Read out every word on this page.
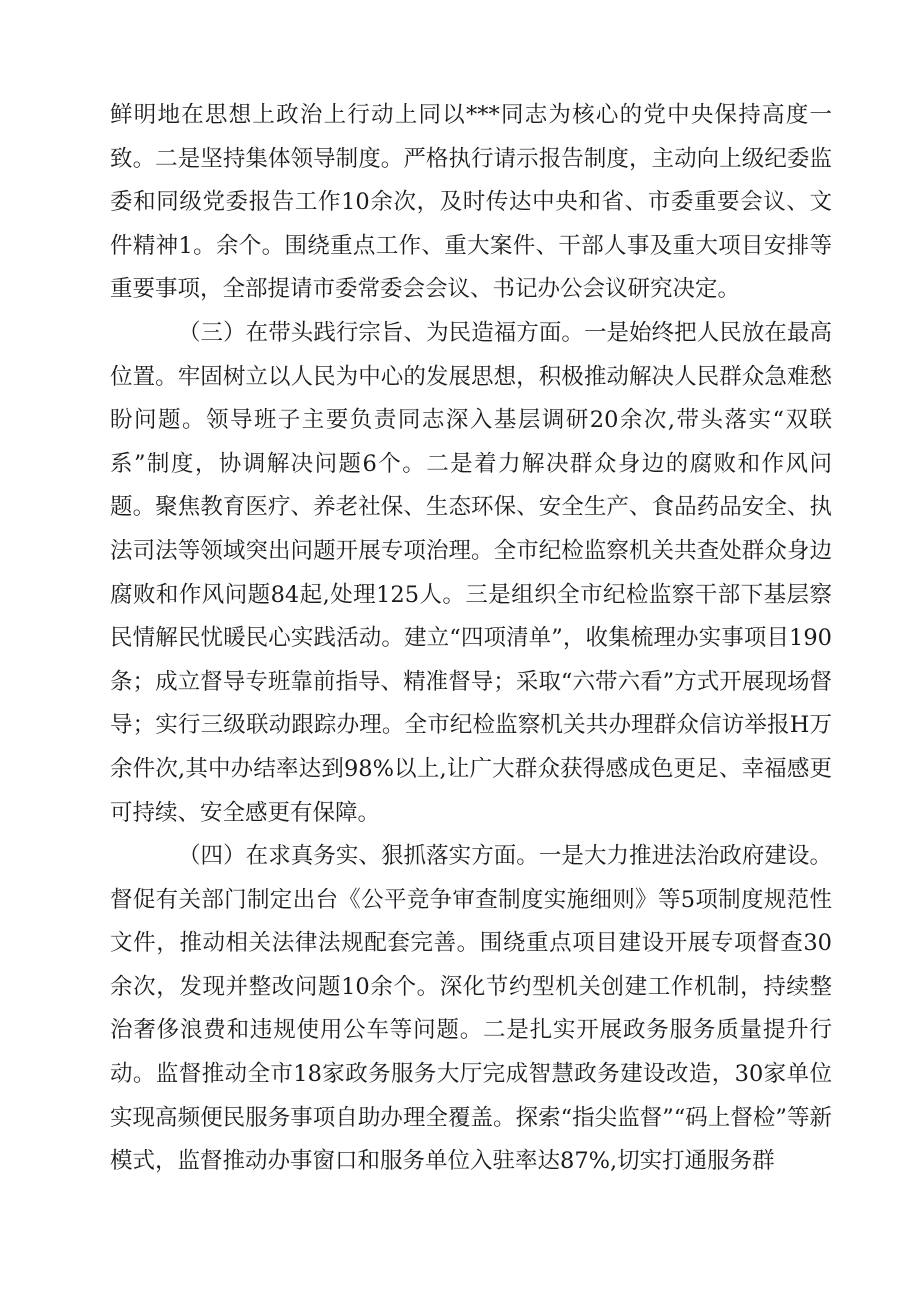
鲜明地在思想上政治上行动上同以***同志为核心的党中央保持高度一致。二是坚持集体领导制度。严格执行请示报告制度，主动向上级纪委监委和同级党委报告工作10余次，及时传达中央和省、市委重要会议、文件精神1。余个。围绕重点工作、重大案件、干部人事及重大项目安排等重要事项，全部提请市委常委会会议、书记办公会议研究决定。

（三）在带头践行宗旨、为民造福方面。一是始终把人民放在最高位置。牢固树立以人民为中心的发展思想，积极推动解决人民群众急难愁盼问题。领导班子主要负责同志深入基层调研20余次,带头落实“双联系”制度，协调解决问题6个。二是着力解决群众身边的腐败和作风问题。聚焦教育医疗、养老社保、生态环保、安全生产、食品药品安全、执法司法等领域突出问题开展专项治理。全市纪检监察机关共查处群众身边腐败和作风问题84起,处理125人。三是组织全市纪检监察干部下基层察民情解民忧暖民心实践活动。建立“四项清单”，收集梳理办实事项目190条；成立督导专班靠前指导、精准督导；采取“六带六看”方式开展现场督导；实行三级联动跟踪办理。全市纪检监察机关共办理群众信访举报H万余件次,其中办结率达到98%以上,让广大群众获得感成色更足、幸福感更可持续、安全感更有保障。

（四）在求真务实、狠抓落实方面。一是大力推进法治政府建设。督促有关部门制定出台《公平竞争审查制度实施细则》等5项制度规范性文件，推动相关法律法规配套完善。围绕重点项目建设开展专项督查30余次，发现并整改问题10余个。深化节约型机关创建工作机制，持续整治奢侈浪费和违规使用公车等问题。二是扎实开展政务服务质量提升行动。监督推动全市18家政务服务大厅完成智慧政务建设改造，30家单位实现高频便民服务事项自助办理全覆盖。探索“指尖监督”“码上督检”等新模式，监督推动办事窗口和服务单位入驻率达87%,切实打通服务群
